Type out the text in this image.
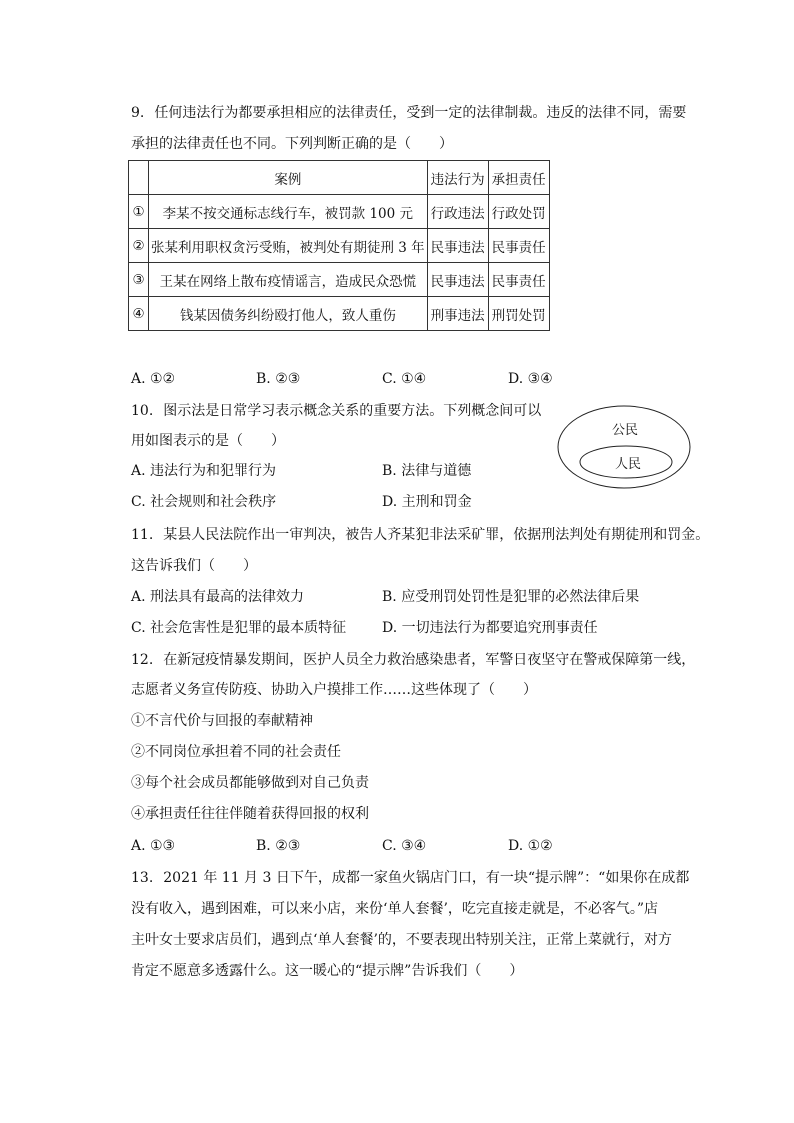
9. 任何违法行为都要承担相应的法律责任，受到一定的法律制裁。违反的法律不同，需要
承担的法律责任也不同。下列判断正确的是（　　）
	案例	违法行为	承担责任
①	李某不按交通标志线行车，被罚款 100 元	行政违法	行政处罚
②	张某利用职权贪污受贿，被判处有期徒刑 3 年	民事违法	民事责任
③	王某在网络上散布疫情谣言，造成民众恐慌	民事违法	民事责任
④	钱某因债务纠纷殴打他人，致人重伤	刑事违法	刑罚处罚
A. ①②	B. ②③	C. ①④	D. ③④
10. 图示法是日常学习表示概念关系的重要方法。下列概念间可以
用如图表示的是（　　）
公民
人民
A. 违法行为和犯罪行为	B. 法律与道德
C. 社会规则和社会秩序	D. 主刑和罚金
11. 某县人民法院作出一审判决，被告人齐某犯非法采矿罪，依据刑法判处有期徒刑和罚金。
这告诉我们（　　）
A. 刑法具有最高的法律效力	B. 应受刑罚处罚性是犯罪的必然法律后果
C. 社会危害性是犯罪的最本质特征	D. 一切违法行为都要追究刑事责任
12. 在新冠疫情暴发期间，医护人员全力救治感染患者，军警日夜坚守在警戒保障第一线，
志愿者义务宣传防疫、协助入户摸排工作……这些体现了（　　）
①不言代价与回报的奉献精神
②不同岗位承担着不同的社会责任
③每个社会成员都能够做到对自己负责
④承担责任往往伴随着获得回报的权利
A. ①③	B. ②③	C. ③④	D. ①②
13. 2021 年 11 月 3 日下午，成都一家鱼火锅店门口，有一块“提示牌”：“如果你在成都
没有收入，遇到困难，可以来小店，来份‘单人套餐’，吃完直接走就是，不必客气。”店
主叶女士要求店员们，遇到点‘单人套餐’的，不要表现出特别关注，正常上菜就行，对方
肯定不愿意多透露什么。这一暖心的“提示牌”告诉我们（　　）
